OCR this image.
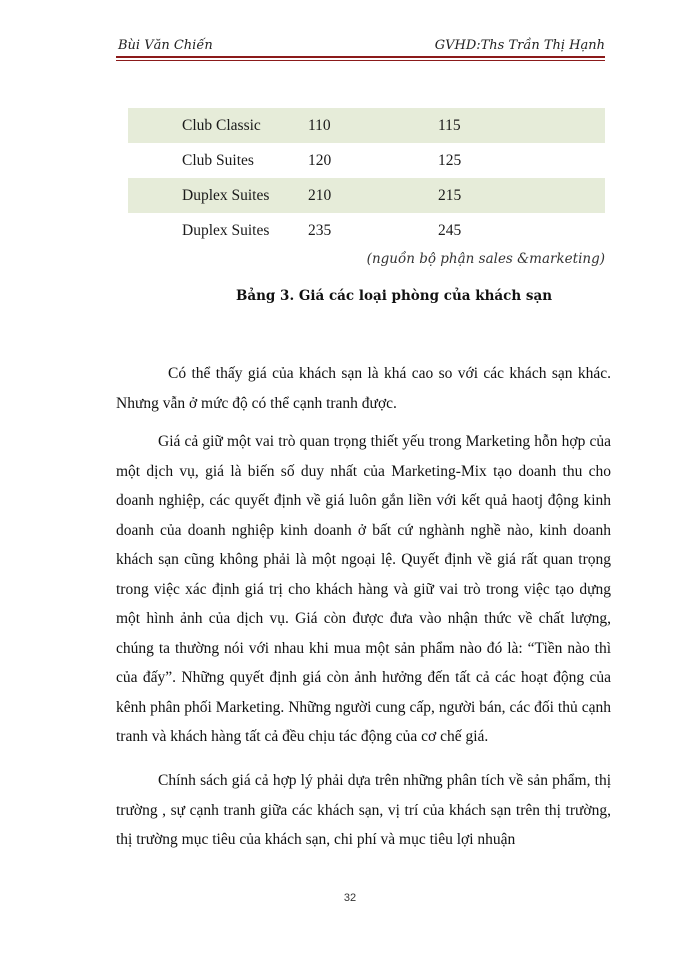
Bùi Văn Chiến	GVHD:Ths Trần Thị Hạnh
Club Classic	110	115
Club Suites	120	125
Duplex Suites	210	215
Duplex Suites	235	245
(nguồn bộ phận sales &marketing)
Bảng 3. Giá các loại phòng của khách sạn

Có thể thấy giá của khách sạn là khá cao so với các khách sạn khác. Nhưng vẫn ở mức độ có thể cạnh tranh được.

Giá cả giữ một vai trò quan trọng thiết yếu trong Marketing hỗn hợp của một dịch vụ, giá là biến số duy nhất của Marketing-Mix tạo doanh thu cho doanh nghiệp, các quyết định về giá luôn gắn liền với kết quả haotj động kinh doanh của doanh nghiệp kinh doanh ở bất cứ nghành nghề nào, kinh doanh khách sạn cũng không phải là một ngoại lệ. Quyết định về giá rất quan trọng trong việc xác định giá trị cho khách hàng và giữ vai trò trong việc tạo dựng một hình ảnh của dịch vụ. Giá còn được đưa vào nhận thức về chất lượng, chúng ta thường nói với nhau khi mua một sản phẩm nào đó là: “Tiền nào thì của đấy”. Những quyết định giá còn ảnh hưởng đến tất cả các hoạt động của kênh phân phối Marketing. Những người cung cấp, người bán, các đối thủ cạnh tranh và khách hàng tất cả đều chịu tác động của cơ chế giá.

Chính sách giá cả hợp lý phải dựa trên những phân tích về sản phẩm, thị trường , sự cạnh tranh giữa các khách sạn, vị trí của khách sạn trên thị trường, thị trường mục tiêu của khách sạn, chi phí và mục tiêu lợi nhuận

32
